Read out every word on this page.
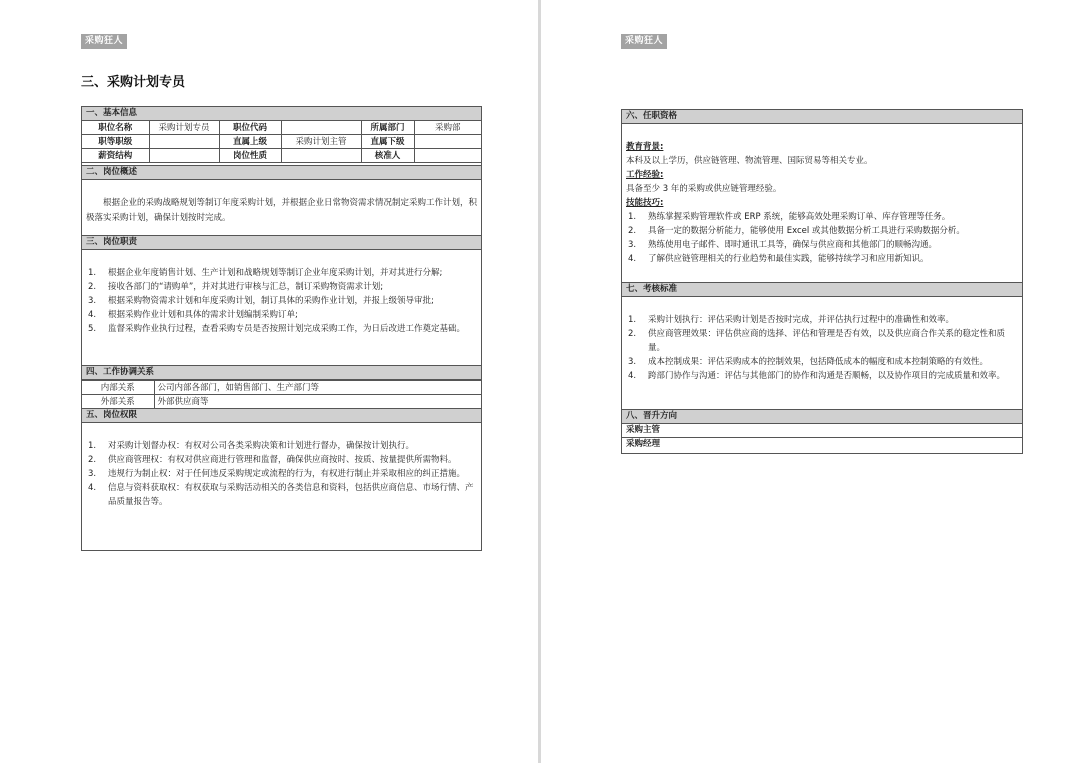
采购狂人
三、采购计划专员
一、基本信息
职位名称	采购计划专员	职位代码		所属部门	采购部
职等职级		直属上级	采购计划主管	直属下级	
薪资结构		岗位性质		核准人	
二、岗位概述
根据企业的采购战略规划等制订年度采购计划，并根据企业日常物资需求情况制定采购工作计划，积极落实采购计划，确保计划按时完成。
三、岗位职责
1.	根据企业年度销售计划、生产计划和战略规划等制订企业年度采购计划，并对其进行分解;
2.	接收各部门的“请购单”，并对其进行审核与汇总，制订采购物资需求计划;
3.	根据采购物资需求计划和年度采购计划，制订具体的采购作业计划，并报上级领导审批;
4.	根据采购作业计划和具体的需求计划编制采购订单;
5.	监督采购作业执行过程，查看采购专员是否按照计划完成采购工作，为日后改进工作奠定基础。
四、工作协调关系
内部关系	公司内部各部门，如销售部门、生产部门等
外部关系	外部供应商等
五、岗位权限
1.	对采购计划督办权：有权对公司各类采购决策和计划进行督办，确保按计划执行。
2.	供应商管理权：有权对供应商进行管理和监督，确保供应商按时、按质、按量提供所需物料。
3.	违规行为制止权：对于任何违反采购规定或流程的行为，有权进行制止并采取相应的纠正措施。
4.	信息与资料获取权：有权获取与采购活动相关的各类信息和资料，包括供应商信息、市场行情、产品质量报告等。
采购狂人
六、任职资格
教育背景:
本科及以上学历，供应链管理、物流管理、国际贸易等相关专业。
工作经验:
具备至少 3 年的采购或供应链管理经验。
技能技巧:
1.	熟练掌握采购管理软件或 ERP 系统，能够高效处理采购订单、库存管理等任务。
2.	具备一定的数据分析能力，能够使用 Excel 或其他数据分析工具进行采购数据分析。
3.	熟练使用电子邮件、即时通讯工具等，确保与供应商和其他部门的顺畅沟通。
4.	了解供应链管理相关的行业趋势和最佳实践，能够持续学习和应用新知识。
七、考核标准
1.	采购计划执行：评估采购计划是否按时完成，并评估执行过程中的准确性和效率。
2.	供应商管理效果：评估供应商的选择、评估和管理是否有效，以及供应商合作关系的稳定性和质量。
3.	成本控制成果：评估采购成本的控制效果，包括降低成本的幅度和成本控制策略的有效性。
4.	跨部门协作与沟通：评估与其他部门的协作和沟通是否顺畅，以及协作项目的完成质量和效率。
八、晋升方向
采购主管
采购经理
